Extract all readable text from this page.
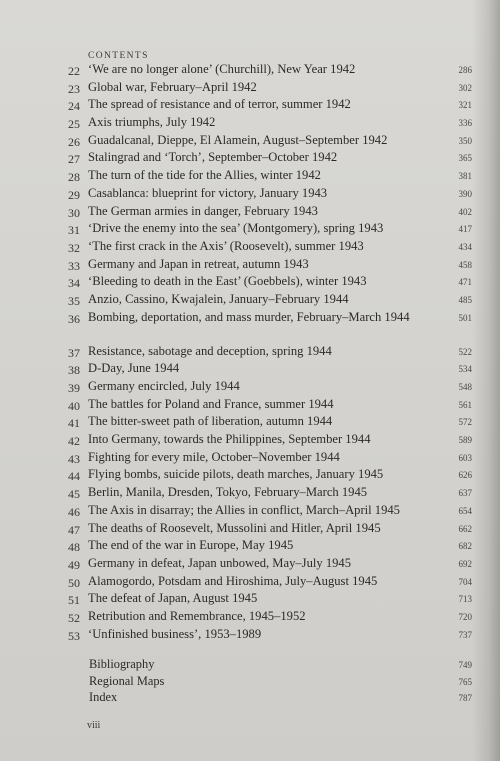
CONTENTS
22 ‘We are no longer alone’ (Churchill), New Year 1942	286
23 Global war, February–April 1942	302
24 The spread of resistance and of terror, summer 1942	321
25 Axis triumphs, July 1942	336
26 Guadalcanal, Dieppe, El Alamein, August–September 1942	350
27 Stalingrad and ‘Torch’, September–October 1942	365
28 The turn of the tide for the Allies, winter 1942	381
29 Casablanca: blueprint for victory, January 1943	390
30 The German armies in danger, February 1943	402
31 ‘Drive the enemy into the sea’ (Montgomery), spring 1943	417
32 ‘The first crack in the Axis’ (Roosevelt), summer 1943	434
33 Germany and Japan in retreat, autumn 1943	458
34 ‘Bleeding to death in the East’ (Goebbels), winter 1943	471
35 Anzio, Cassino, Kwajalein, January–February 1944	485
36 Bombing, deportation, and mass murder, February–March 1944	501
37 Resistance, sabotage and deception, spring 1944	522
38 D-Day, June 1944	534
39 Germany encircled, July 1944	548
40 The battles for Poland and France, summer 1944	561
41 The bitter-sweet path of liberation, autumn 1944	572
42 Into Germany, towards the Philippines, September 1944	589
43 Fighting for every mile, October–November 1944	603
44 Flying bombs, suicide pilots, death marches, January 1945	626
45 Berlin, Manila, Dresden, Tokyo, February–March 1945	637
46 The Axis in disarray; the Allies in conflict, March–April 1945	654
47 The deaths of Roosevelt, Mussolini and Hitler, April 1945	662
48 The end of the war in Europe, May 1945	682
49 Germany in defeat, Japan unbowed, May–July 1945	692
50 Alamogordo, Potsdam and Hiroshima, July–August 1945	704
51 The defeat of Japan, August 1945	713
52 Retribution and Remembrance, 1945–1952	720
53 ‘Unfinished business’, 1953–1989	737
Bibliography	749
Regional Maps	765
Index	787
viii
